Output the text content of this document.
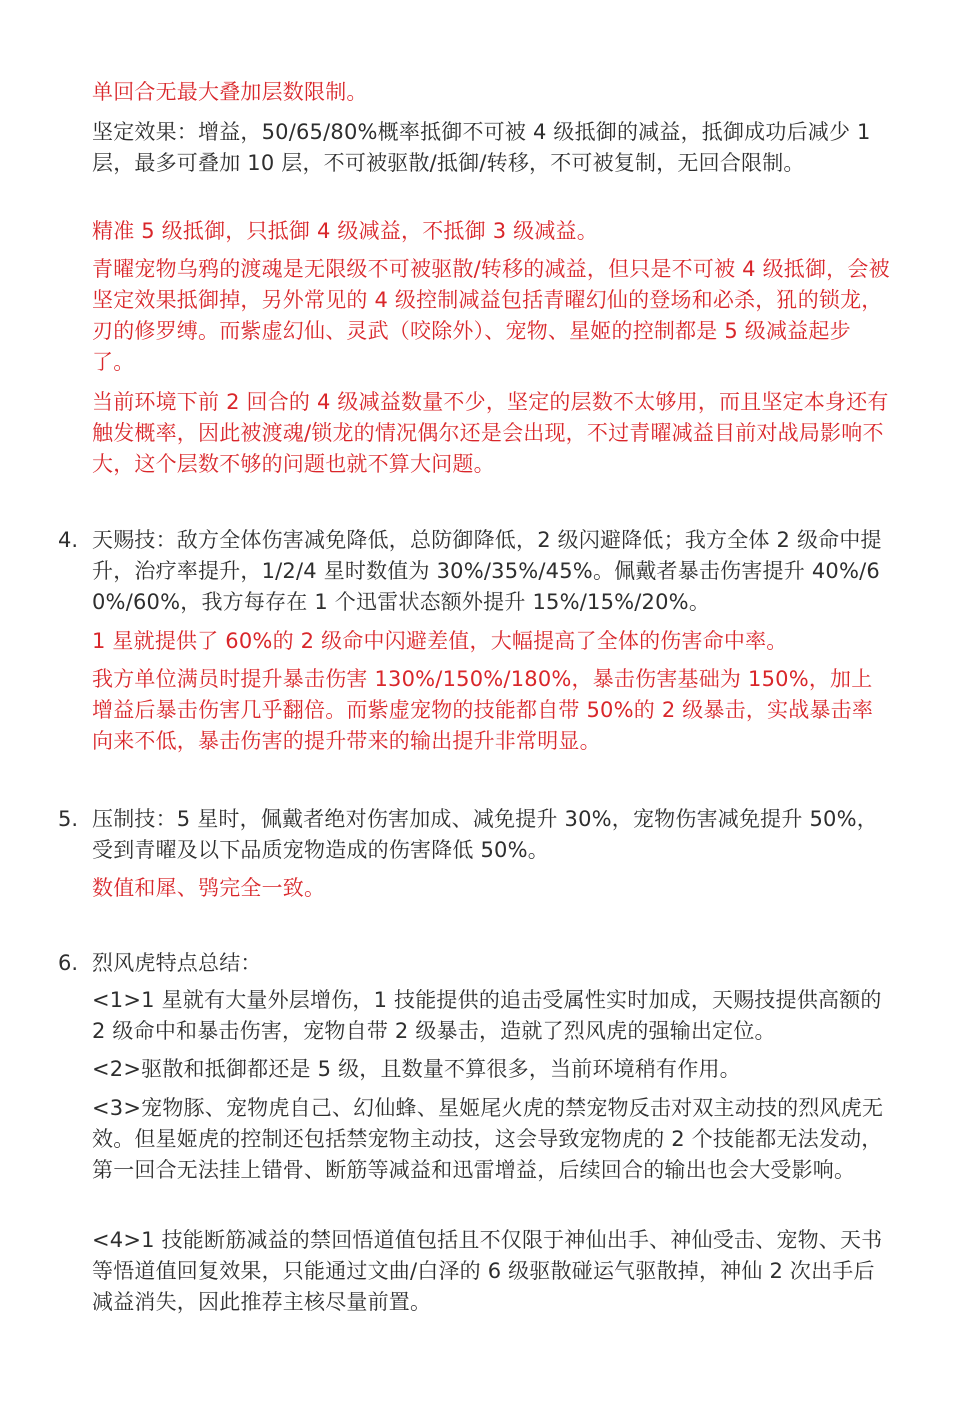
单回合无最大叠加层数限制。
坚定效果：增益，50/65/80%概率抵御不可被 4 级抵御的减益，抵御成功后减少 1 层，最多可叠加 10 层，不可被驱散/抵御/转移，不可被复制，无回合限制。
精准 5 级抵御，只抵御 4 级减益，不抵御 3 级减益。
青曜宠物乌鸦的渡魂是无限级不可被驱散/转移的减益，但只是不可被 4 级抵御，会被坚定效果抵御掉，另外常见的 4 级控制减益包括青曜幻仙的登场和必杀，犼的锁龙，刃的修罗缚。而紫虚幻仙、灵武（咬除外）、宠物、星姬的控制都是 5 级减益起步了。
当前环境下前 2 回合的 4 级减益数量不少，坚定的层数不太够用，而且坚定本身还有触发概率，因此被渡魂/锁龙的情况偶尔还是会出现，不过青曜减益目前对战局影响不大，这个层数不够的问题也就不算大问题。
4. 天赐技：敌方全体伤害减免降低，总防御降低，2 级闪避降低；我方全体 2 级命中提升，治疗率提升，1/2/4 星时数值为 30%/35%/45%。佩戴者暴击伤害提升 40%/60%/60%，我方每存在 1 个迅雷状态额外提升 15%/15%/20%。
1 星就提供了 60%的 2 级命中闪避差值，大幅提高了全体的伤害命中率。
我方单位满员时提升暴击伤害 130%/150%/180%，暴击伤害基础为 150%，加上增益后暴击伤害几乎翻倍。而紫虚宠物的技能都自带 50%的 2 级暴击，实战暴击率向来不低，暴击伤害的提升带来的输出提升非常明显。
5. 压制技：5 星时，佩戴者绝对伤害加成、减免提升 30%，宠物伤害减免提升 50%，受到青曜及以下品质宠物造成的伤害降低 50%。
数值和犀、鸮完全一致。
6. 烈风虎特点总结：
<1>1 星就有大量外层增伤，1 技能提供的追击受属性实时加成，天赐技提供高额的 2 级命中和暴击伤害，宠物自带 2 级暴击，造就了烈风虎的强输出定位。
<2>驱散和抵御都还是 5 级，且数量不算很多，当前环境稍有作用。
<3>宠物豚、宠物虎自己、幻仙蜂、星姬尾火虎的禁宠物反击对双主动技的烈风虎无效。但星姬虎的控制还包括禁宠物主动技，这会导致宠物虎的 2 个技能都无法发动，第一回合无法挂上错骨、断筋等减益和迅雷增益，后续回合的输出也会大受影响。
<4>1 技能断筋减益的禁回悟道值包括且不仅限于神仙出手、神仙受击、宠物、天书等悟道值回复效果，只能通过文曲/白泽的 6 级驱散碰运气驱散掉，神仙 2 次出手后减益消失，因此推荐主核尽量前置。
